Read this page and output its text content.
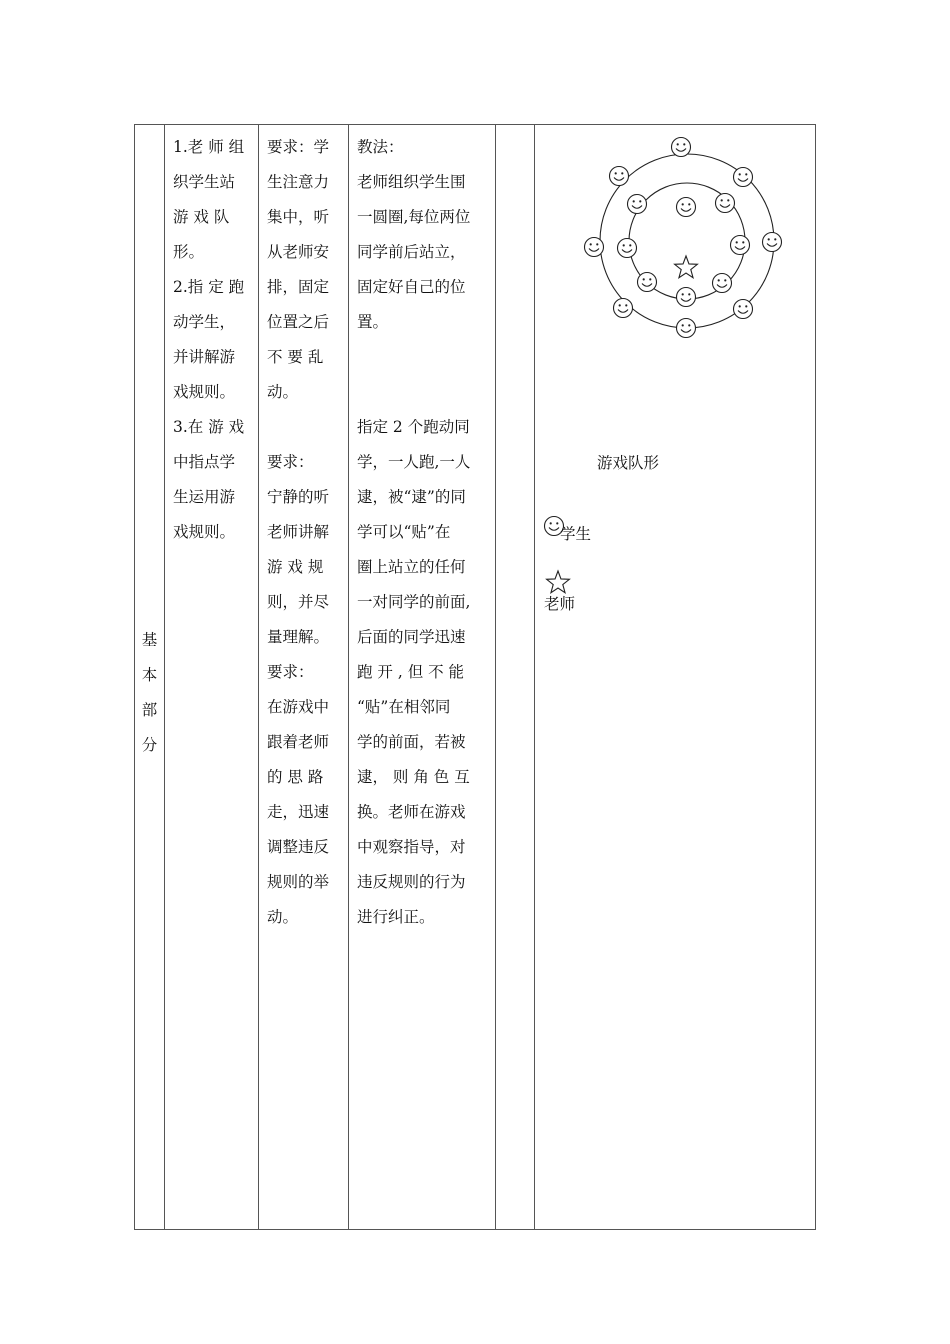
基
本
部
分

1.老 师 组

织学生站

游 戏 队

形。

2.指 定 跑

动学生，

并讲解游

戏规则。

3.在 游 戏

中指点学

生运用游

戏规则。

要求：学

生注意力

集中，听

从老师安

排，固定

位置之后

不 要 乱

动。

要求：

宁静的听

老师讲解

游 戏 规

则，并尽

量理解。

要求：

在游戏中

跟着老师

的 思 路

走，迅速

调整违反

规则的举

动。

教法：

老师组织学生围

一圆圈,每位两位

同学前后站立，

固定好自己的位

置。

指定 2 个跑动同

学，一人跑,一人

逮，被“逮”的同

学可以“贴”在

圈上站立的任何

一对同学的前面,

后面的同学迅速

跑 开 , 但 不 能

“贴”在相邻同

学的前面，若被

逮， 则 角 色 互

换。老师在游戏

中观察指导，对

违反规则的行为

进行纠正。

游戏队形
学生
老师
